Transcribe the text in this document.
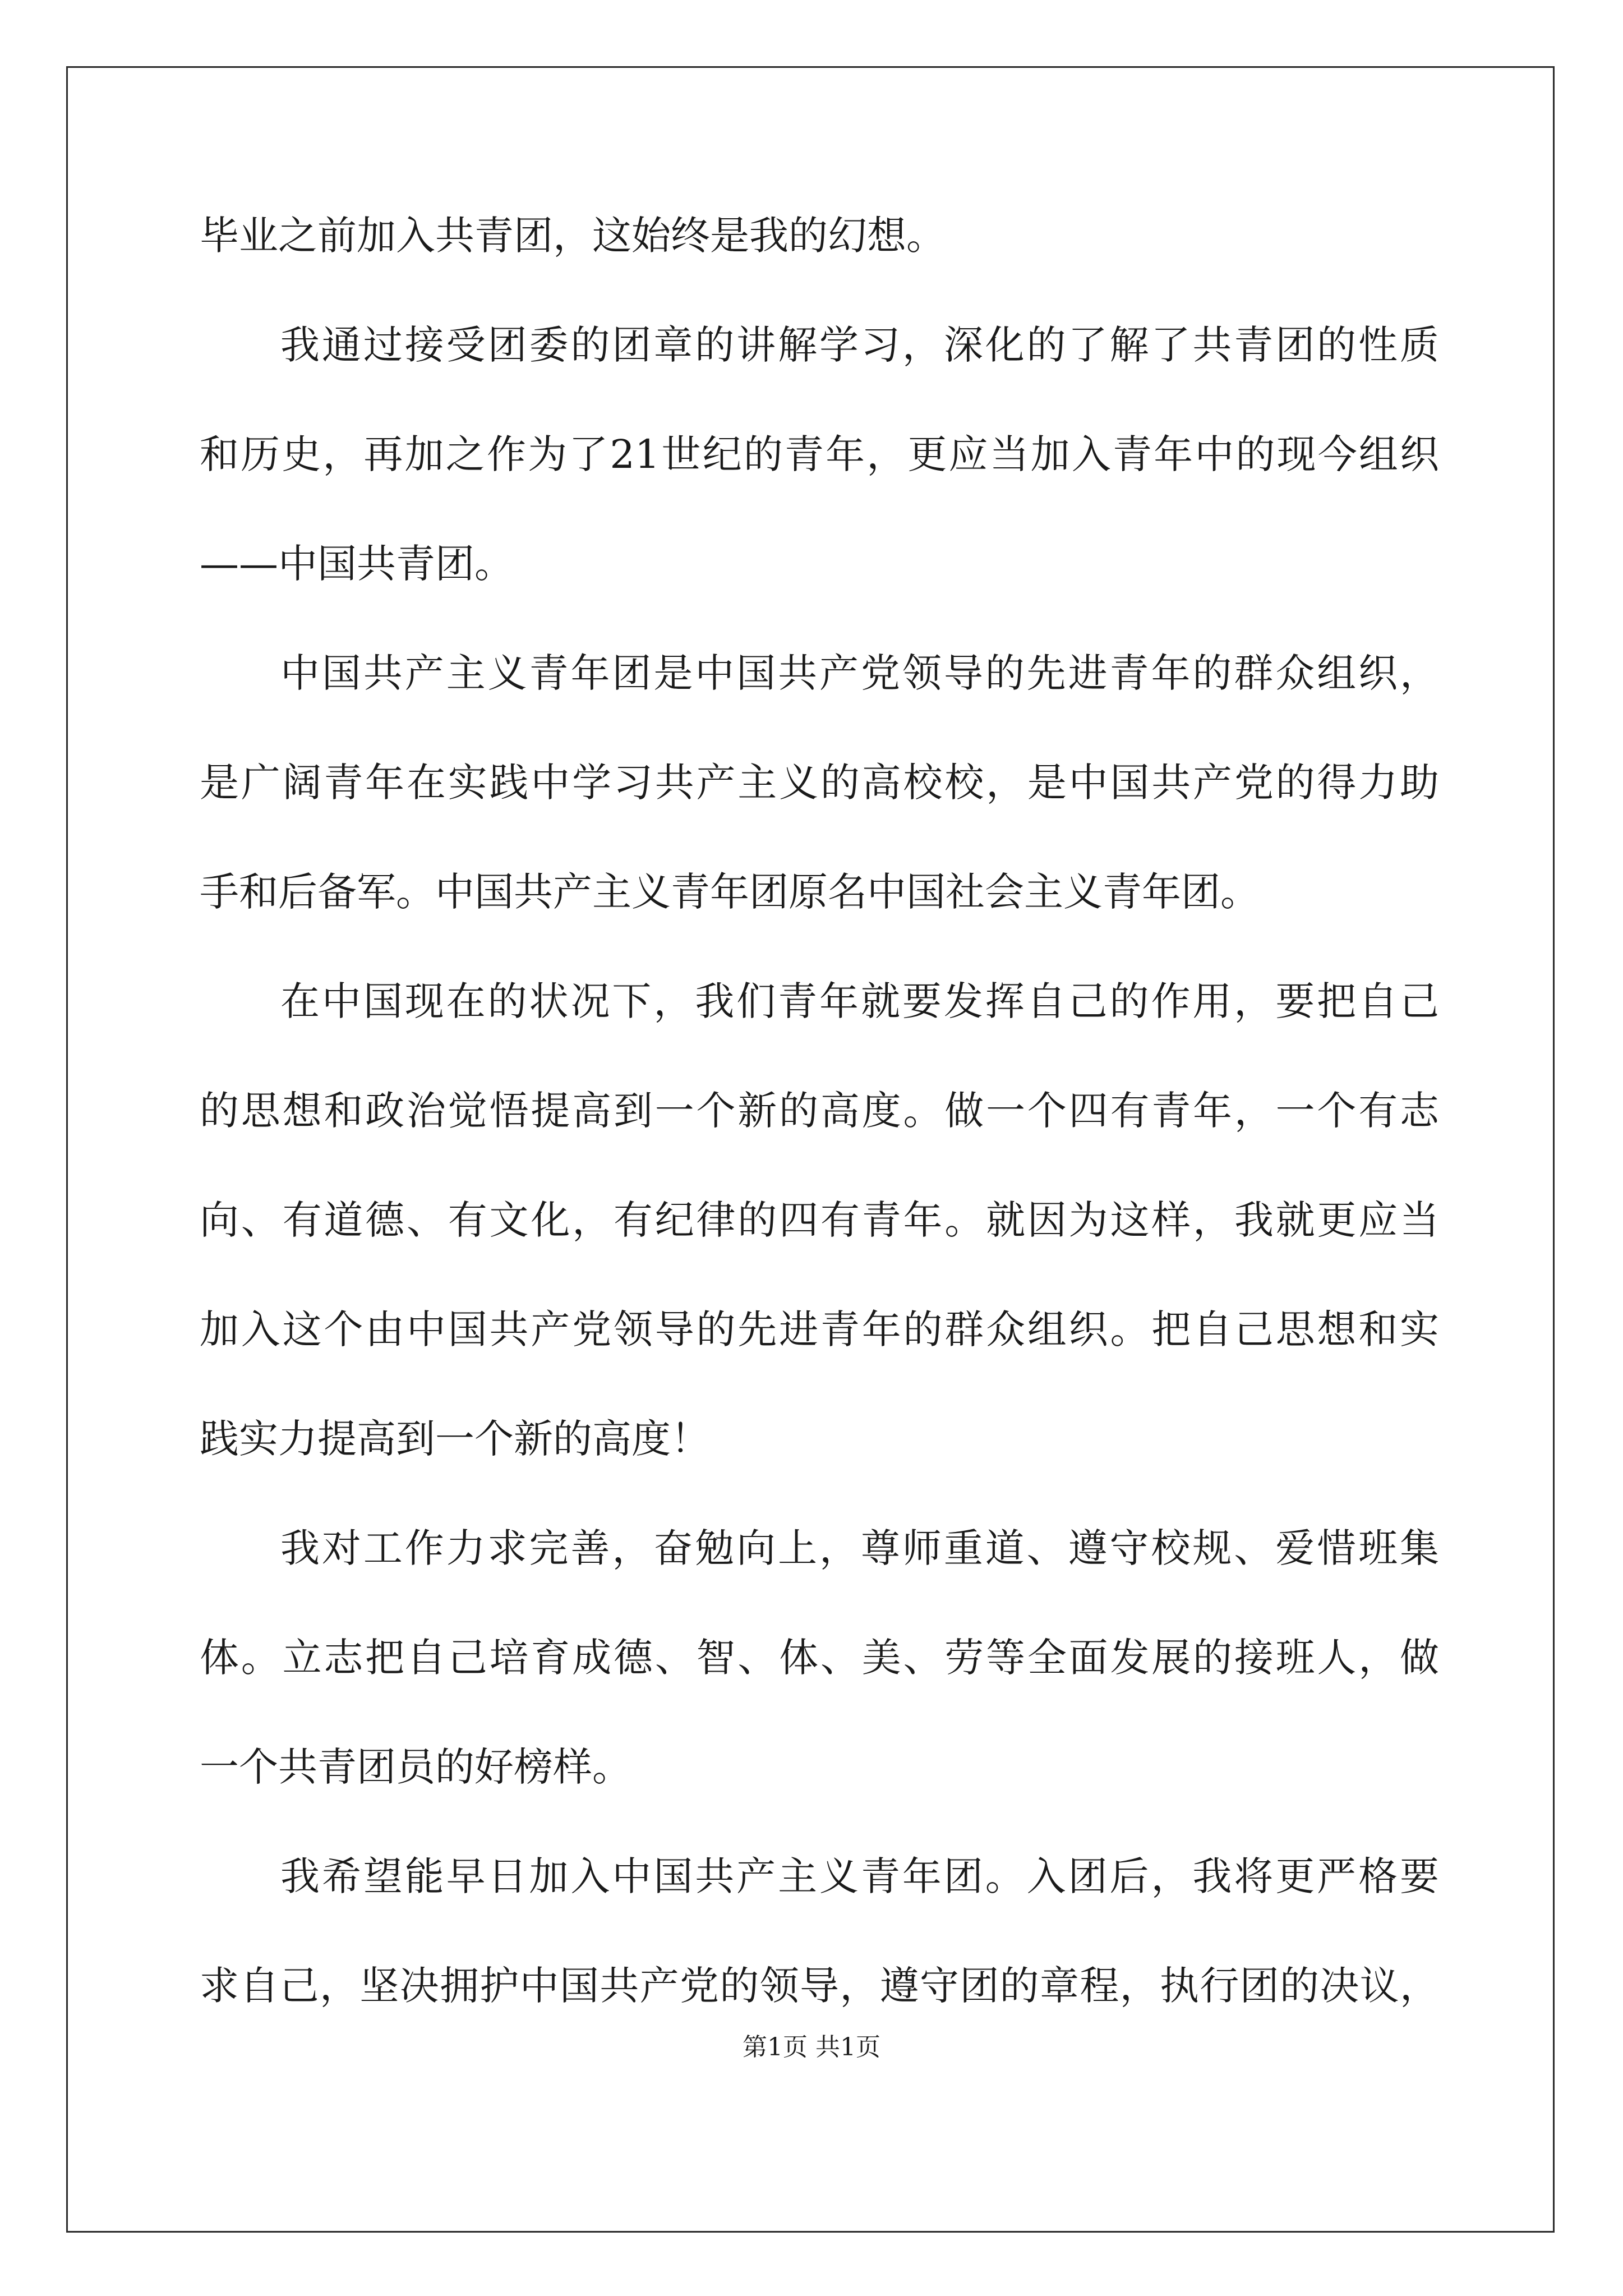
毕业之前加入共青团，这始终是我的幻想。
我通过接受团委的团章的讲解学习，深化的了解了共青团的性质
和历史，再加之作为了21世纪的青年，更应当加入青年中的现今组织
——中国共青团。
中国共产主义青年团是中国共产党领导的先进青年的群众组织，
是广阔青年在实践中学习共产主义的高校校，是中国共产党的得力助
手和后备军。中国共产主义青年团原名中国社会主义青年团。
在中国现在的状况下，我们青年就要发挥自己的作用，要把自己
的思想和政治觉悟提高到一个新的高度。做一个四有青年，一个有志
向、有道德、有文化，有纪律的四有青年。就因为这样，我就更应当
加入这个由中国共产党领导的先进青年的群众组织。把自己思想和实
践实力提高到一个新的高度！
我对工作力求完善，奋勉向上，尊师重道、遵守校规、爱惜班集
体。立志把自己培育成德、智、体、美、劳等全面发展的接班人，做
一个共青团员的好榜样。
我希望能早日加入中国共产主义青年团。入团后，我将更严格要
求自己，坚决拥护中国共产党的领导，遵守团的章程，执行团的决议，
第1页 共1页
